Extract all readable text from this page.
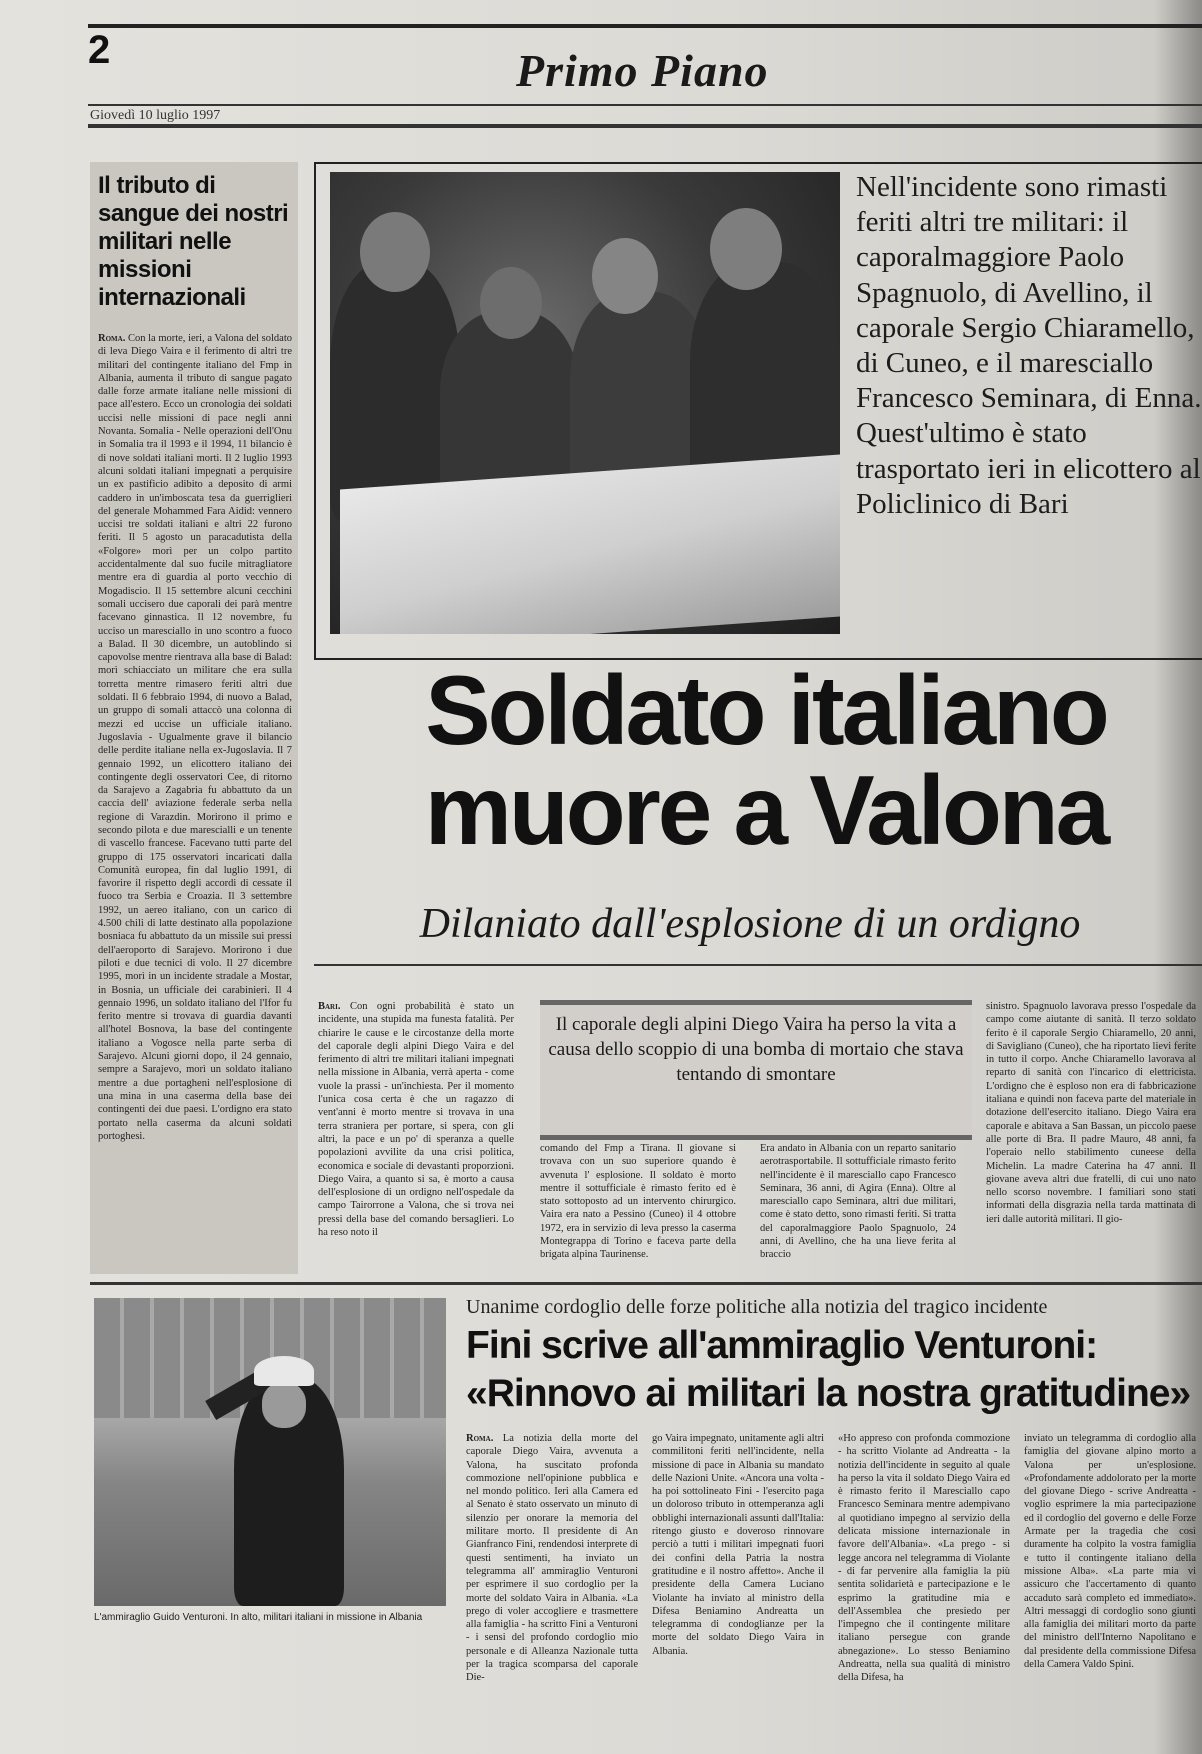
2	Primo Piano
Giovedì 10 luglio 1997
Il tributo di sangue dei nostri militari nelle missioni internazionali
Roma. Con la morte, ieri, a Valona del soldato di leva Diego Vaira e il ferimento di altri tre militari del contingente italiano del Fmp in Albania, aumenta il tributo di sangue pagato dalle forze armate italiane nelle missioni di pace all'estero. Ecco un cronologia dei soldati uccisi nelle missioni di pace negli anni Novanta. Somalia - Nelle operazioni dell'Onu in Somalia tra il 1993 e il 1994, 11 bilancio è di nove soldati italiani morti. Il 2 luglio 1993 alcuni soldati italiani impegnati a perquisire un ex pastificio adibito a deposito di armi caddero in un'imboscata tesa da guerriglieri del generale Mohammed Fara Aidid: vennero uccisi tre soldati italiani e altri 22 furono feriti. Il 5 agosto un paracadutista della «Folgore» morì per un colpo partito accidentalmente dal suo fucile mitragliatore mentre era di guardia al porto vecchio di Mogadiscio. Il 15 settembre alcuni cecchini somali uccisero due caporali dei parà mentre facevano ginnastica. Il 12 novembre, fu ucciso un maresciallo in uno scontro a fuoco a Balad. Il 30 dicembre, un autoblindo si capovolse mentre rientrava alla base di Balad: morì schiacciato un militare che era sulla torretta mentre rimasero feriti altri due soldati. Il 6 febbraio 1994, di nuovo a Balad, un gruppo di somali attaccò una colonna di mezzi ed uccise un ufficiale italiano. Jugoslavia - Ugualmente grave il bilancio delle perdite italiane nella ex-Jugoslavia. Il 7 gennaio 1992, un elicottero italiano dei contingente degli osservatori Cee, di ritorno da Sarajevo a Zagabria fu abbattuto da un caccia dell' aviazione federale serba nella regione di Varazdin. Morirono il primo e secondo pilota e due marescialli e un tenente di vascello francese. Facevano tutti parte del gruppo di 175 osservatori incaricati dalla Comunità europea, fin dal luglio 1991, di favorire il rispetto degli accordi di cessate il fuoco tra Serbia e Croazia. Il 3 settembre 1992, un aereo italiano, con un carico di 4.500 chili di latte destinato alla popolazione bosniaca fu abbattuto da un missile sui pressi dell'aeroporto di Sarajevo. Morirono i due piloti e due tecnici di volo. Il 27 dicembre 1995, morì in un incidente stradale a Mostar, in Bosnia, un ufficiale dei carabinieri. Il 4 gennaio 1996, un soldato italiano del l'Ifor fu ferito mentre si trovava di guardia davanti all'hotel Bosnova, la base del contingente italiano a Vogosce nella parte serba di Sarajevo. Alcuni giorni dopo, il 24 gennaio, sempre a Sarajevo, morì un soldato italiano mentre a due portagheni nell'esplosione di una mina in una caserma della base dei contingenti dei due paesi. L'ordigno era stato portato nella caserma da alcuni soldati portoghesi.
Nell'incidente sono rimasti feriti altri tre militari: il caporalmaggiore Paolo Spagnuolo, di Avellino, il caporale Sergio Chiaramello, di Cuneo, e il maresciallo Francesco Seminara, di Enna. Quest'ultimo è stato trasportato ieri in elicottero al Policlinico di Bari
Soldato italiano
muore a Valona
Dilaniato dall'esplosione di un ordigno
Bari. Con ogni probabilità è stato un incidente, una stupida ma funesta fatalità. Per chiarire le cause e le circostanze della morte del caporale degli alpini Diego Vaira e del ferimento di altri tre militari italiani impegnati nella missione in Albania, verrà aperta - come vuole la prassi - un'inchiesta. Per il momento l'unica cosa certa è che un ragazzo di vent'anni è morto mentre si trovava in una terra straniera per portare, si spera, con gli altri, la pace e un po' di speranza a quelle popolazioni avvilite da una crisi politica, economica e sociale di devastanti proporzioni. Diego Vaira, a quanto si sa, è morto a causa dell'esplosione di un ordigno nell'ospedale da campo Tairorrone a Valona, che si trova nei pressi della base del comando bersaglieri. Lo ha reso noto il
Il caporale degli alpini Diego Vaira ha perso la vita a causa dello scoppio di una bomba di mortaio che stava tentando di smontare
comando del Fmp a Tirana. Il giovane si trovava con un suo superiore quando è avvenuta l' esplosione. Il soldato è morto mentre il sottufficiale è rimasto ferito ed è stato sottoposto ad un intervento chirurgico. Vaira era nato a Pessino (Cuneo) il 4 ottobre 1972, era in servizio di leva presso la caserma Montegrappa di Torino e faceva parte della brigata alpina Taurinense.
Era andato in Albania con un reparto sanitario aerotrasportabile. Il sottufficiale rimasto ferito nell'incidente è il maresciallo capo Francesco Seminara, 36 anni, di Agira (Enna). Oltre al maresciallo capo Seminara, altri due militari, come è stato detto, sono rimasti feriti. Si tratta del caporalmaggiore Paolo Spagnuolo, 24 anni, di Avellino, che ha una lieve ferita al braccio
sinistro. Spagnuolo lavorava presso l'ospedale da campo come aiutante di sanità. Il terzo soldato ferito è il caporale Sergio Chiaramello, 20 anni, di Savigliano (Cuneo), che ha riportato lievi ferite in tutto il corpo. Anche Chiaramello lavorava al reparto di sanità con l'incarico di elettricista. L'ordigno che è esploso non era di fabbricazione italiana e quindi non faceva parte del materiale in dotazione dell'esercito italiano. Diego Vaira era caporale e abitava a San Bassan, un piccolo paese alle porte di Bra. Il padre Mauro, 48 anni, fa l'operaio nello stabilimento cuneese della Michelin. La madre Caterina ha 47 anni. Il giovane aveva altri due fratelli, di cui uno nato nello scorso novembre. I familiari sono stati informati della disgrazia nella tarda mattinata di ieri dalle autorità militari. Il gio-
L'ammiraglio Guido Venturoni. In alto, militari italiani in missione in Albania
Unanime cordoglio delle forze politiche alla notizia del tragico incidente
Fini scrive all'ammiraglio Venturoni:
«Rinnovo ai militari la nostra gratitudine»
Roma. La notizia della morte del caporale Diego Vaira, avvenuta a Valona, ha suscitato profonda commozione nell'opinione pubblica e nel mondo politico. Ieri alla Camera ed al Senato è stato osservato un minuto di silenzio per onorare la memoria del militare morto. Il presidente di An Gianfranco Fini, rendendosi interprete di questi sentimenti, ha inviato un telegramma all' ammiraglio Venturoni per esprimere il suo cordoglio per la morte del soldato Vaira in Albania. «La prego di voler accogliere e trasmettere alla famiglia - ha scritto Fini a Venturoni - i sensi del profondo cordoglio mio personale e di Alleanza Nazionale tutta per la tragica scomparsa del caporale Die-
go Vaira impegnato, unitamente agli altri commilitoni feriti nell'incidente, nella missione di pace in Albania su mandato delle Nazioni Unite. «Ancora una volta - ha poi sottolineato Fini - l'esercito paga un doloroso tributo in ottemperanza agli obblighi internazionali assunti dall'Italia: ritengo giusto e doveroso rinnovare perciò a tutti i militari impegnati fuori dei confini della Patria la nostra gratitudine e il nostro affetto». Anche il presidente della Camera Luciano Violante ha inviato al ministro della Difesa Beniamino Andreatta un telegramma di condoglianze per la morte del soldato Diego Vaira in Albania.
«Ho appreso con profonda commozione - ha scritto Violante ad Andreatta - la notizia dell'incidente in seguito al quale ha perso la vita il soldato Diego Vaira ed è rimasto ferito il Maresciallo capo Francesco Seminara mentre adempivano al quotidiano impegno al servizio della delicata missione internazionale in favore dell'Albania». «La prego - si legge ancora nel telegramma di Violante - di far pervenire alla famiglia la più sentita solidarietà e partecipazione e le esprimo la gratitudine mia e dell'Assemblea che presiedo per l'impegno che il contingente militare italiano persegue con grande abnegazione». Lo stesso Beniamino Andreatta, nella sua qualità di ministro della Difesa, ha
inviato un telegramma di cordoglio alla famiglia del giovane alpino morto a Valona per un'esplosione. «Profondamente addolorato per la morte del giovane Diego - scrive Andreatta - voglio esprimere la mia partecipazione ed il cordoglio del governo e delle Forze Armate per la tragedia che così duramente ha colpito la vostra famiglia e tutto il contingente italiano della missione Alba». «La parte mia vi assicuro che l'accertamento di quanto accaduto sarà completo ed immediato». Altri messaggi di cordoglio sono giunti alla famiglia dei militari morto da parte del ministro dell'Interno Napolitano e dal presidente della commissione Difesa della Camera Valdo Spini.
